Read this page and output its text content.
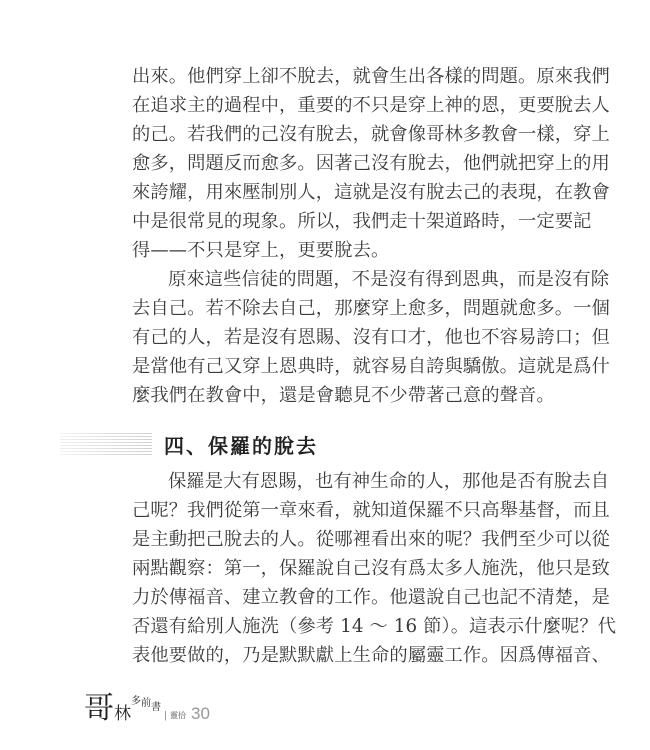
出來。他們穿上卻不脫去，就會生出各樣的問題。原來我們
在追求主的過程中，重要的不只是穿上神的恩，更要脫去人
的己。若我們的己沒有脫去，就會像哥林多教會一樣，穿上
愈多，問題反而愈多。因著己沒有脫去，他們就把穿上的用
來誇耀，用來壓制別人，這就是沒有脫去己的表現，在教會
中是很常見的現象。所以，我們走十架道路時，一定要記
得——不只是穿上，更要脫去。
原來這些信徒的問題，不是沒有得到恩典，而是沒有除
去自己。若不除去自己，那麼穿上愈多，問題就愈多。一個
有己的人，若是沒有恩賜、沒有口才，他也不容易誇口；但
是當他有己又穿上恩典時，就容易自誇與驕傲。這就是爲什
麼我們在教會中，還是會聽見不少帶著己意的聲音。
四、保羅的脫去
保羅是大有恩賜，也有神生命的人，那他是否有脫去自
己呢？我們從第一章來看，就知道保羅不只高舉基督，而且
是主動把己脫去的人。從哪裡看出來的呢？我們至少可以從
兩點觀察：第一，保羅說自己沒有爲太多人施洗，他只是致
力於傳福音、建立教會的工作。他還說自己也記不清楚，是
否還有給別人施洗（參考 14 ～ 16 節）。這表示什麼呢？代
表他要做的，乃是默默獻上生命的屬靈工作。因爲傳福音、
哥 林
多 前 書
| 靈拾 30
